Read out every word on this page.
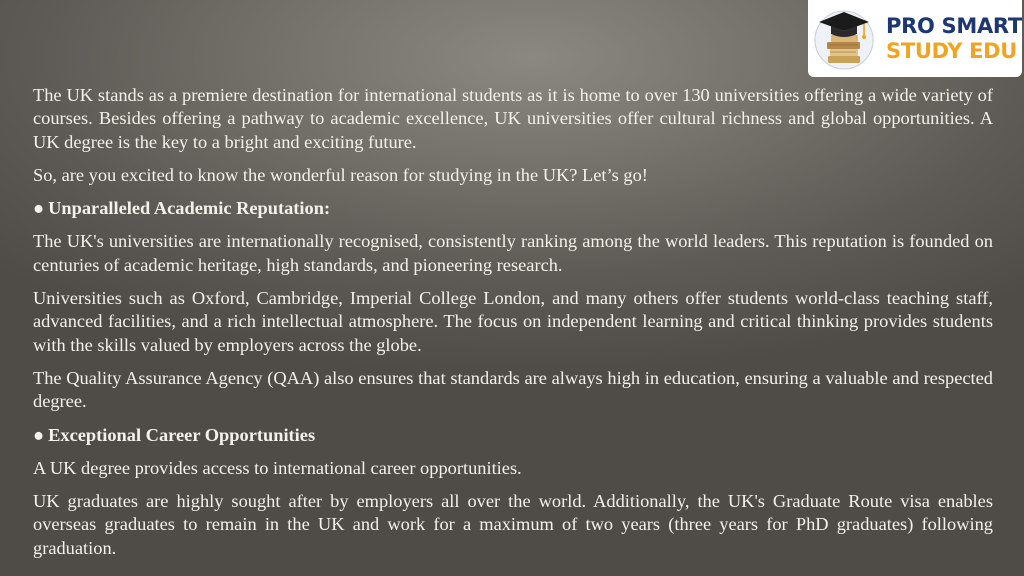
PRO SMART
STUDY EDU

The UK stands as a premiere destination for international students as it is home to over 130 universities offering a wide variety of courses. Besides offering a pathway to academic excellence, UK universities offer cultural richness and global opportunities. A UK degree is the key to a bright and exciting future.

So, are you excited to know the wonderful reason for studying in the UK? Let’s go!

● Unparalleled Academic Reputation:

The UK's universities are internationally recognised, consistently ranking among the world leaders. This reputation is founded on centuries of academic heritage, high standards, and pioneering research.

Universities such as Oxford, Cambridge, Imperial College London, and many others offer students world-class teaching staff, advanced facilities, and a rich intellectual atmosphere. The focus on independent learning and critical thinking provides students with the skills valued by employers across the globe.

The Quality Assurance Agency (QAA) also ensures that standards are always high in education, ensuring a valuable and respected degree.

● Exceptional Career Opportunities

A UK degree provides access to international career opportunities.

UK graduates are highly sought after by employers all over the world. Additionally, the UK's Graduate Route visa enables overseas graduates to remain in the UK and work for a maximum of two years (three years for PhD graduates) following graduation.
